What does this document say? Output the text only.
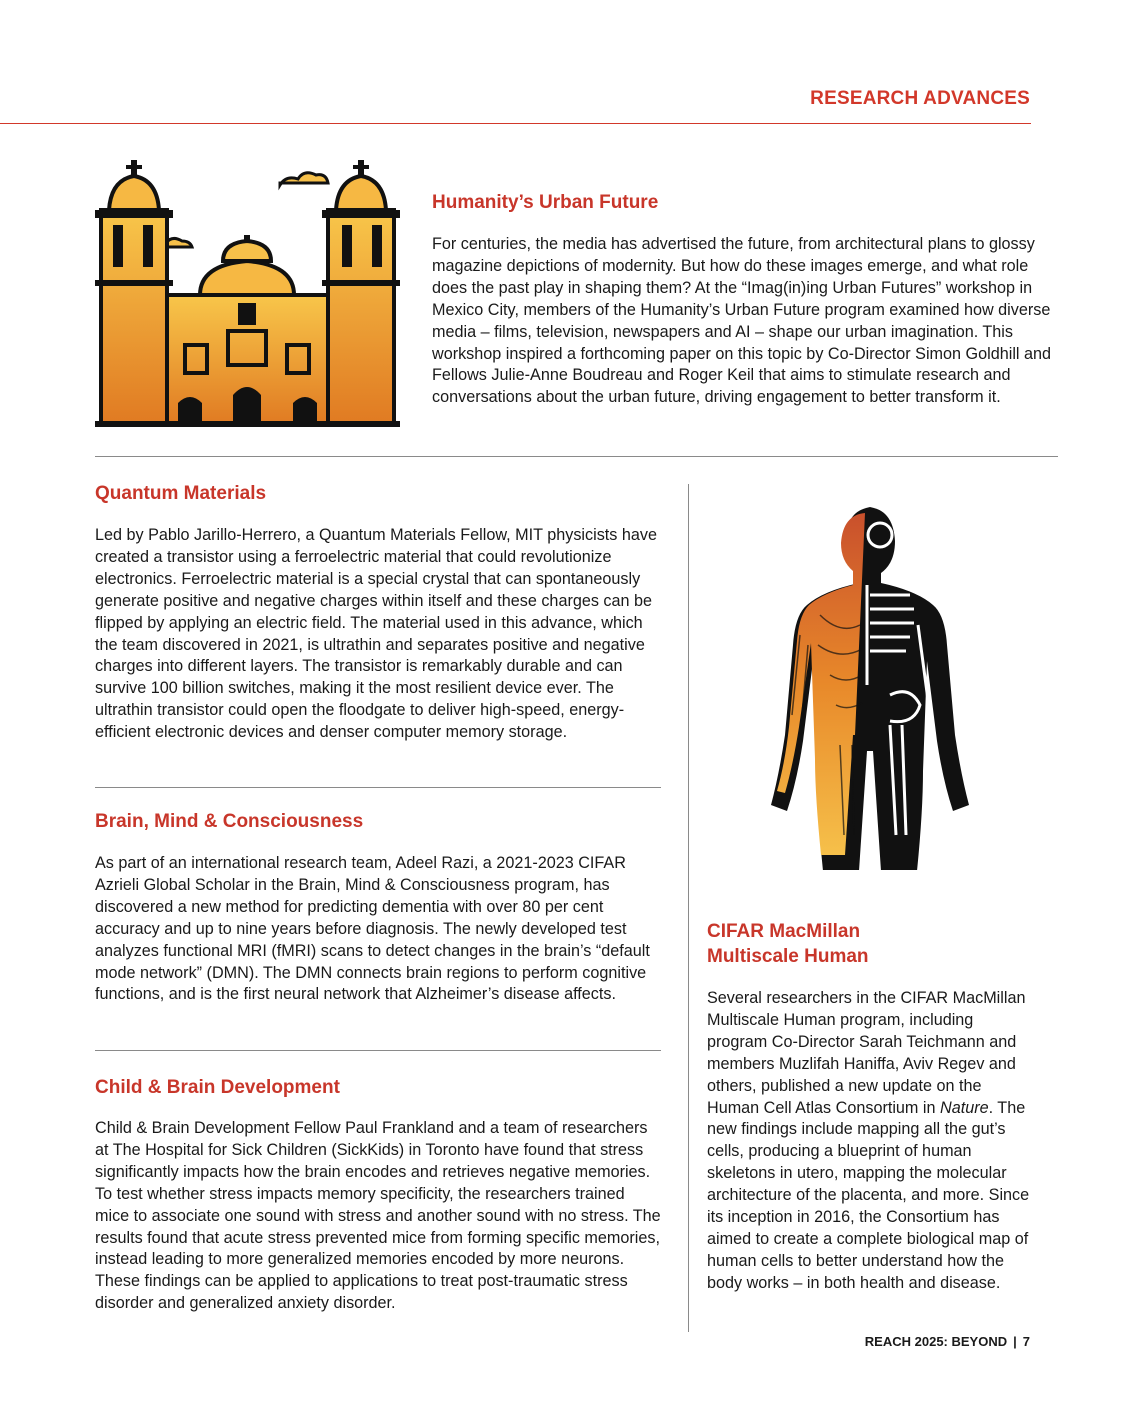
RESEARCH ADVANCES
Humanity’s Urban Future

For centuries, the media has advertised the future, from architectural plans to glossy magazine depictions of modernity. But how do these images emerge, and what role does the past play in shaping them? At the “Imag(in)ing Urban Futures” workshop in Mexico City, members of the Humanity’s Urban Future program examined how diverse media – films, television, newspapers and AI – shape our urban imagination. This workshop inspired a forthcoming paper on this topic by Co-Director Simon Goldhill and Fellows Julie-Anne Boudreau and Roger Keil that aims to stimulate research and conversations about the urban future, driving engagement to better transform it.

Quantum Materials

Led by Pablo Jarillo-Herrero, a Quantum Materials Fellow, MIT physicists have created a transistor using a ferroelectric material that could revolutionize electronics. Ferroelectric material is a special crystal that can spontaneously generate positive and negative charges within itself and these charges can be flipped by applying an electric field. The material used in this advance, which the team discovered in 2021, is ultrathin and separates positive and negative charges into different layers. The transistor is remarkably durable and can survive 100 billion switches, making it the most resilient device ever. The ultrathin transistor could open the floodgate to deliver high-speed, energy-efficient electronic devices and denser computer memory storage.

Brain, Mind & Consciousness

As part of an international research team, Adeel Razi, a 2021-2023 CIFAR Azrieli Global Scholar in the Brain, Mind & Consciousness program, has discovered a new method for predicting dementia with over 80 per cent accuracy and up to nine years before diagnosis. The newly developed test analyzes functional MRI (fMRI) scans to detect changes in the brain’s “default mode network” (DMN). The DMN connects brain regions to perform cognitive functions, and is the first neural network that Alzheimer’s disease affects.

Child & Brain Development

Child & Brain Development Fellow Paul Frankland and a team of researchers at The Hospital for Sick Children (SickKids) in Toronto have found that stress significantly impacts how the brain encodes and retrieves negative memories. To test whether stress impacts memory specificity, the researchers trained mice to associate one sound with stress and another sound with no stress. The results found that acute stress prevented mice from forming specific memories, instead leading to more generalized memories encoded by more neurons. These findings can be applied to applications to treat post-traumatic stress disorder and generalized anxiety disorder.

CIFAR MacMillan
Multiscale Human

Several researchers in the CIFAR MacMillan Multiscale Human program, including program Co-Director Sarah Teichmann and members Muzlifah Haniffa, Aviv Regev and others, published a new update on the Human Cell Atlas Consortium in Nature. The new findings include mapping all the gut’s cells, producing a blueprint of human skeletons in utero, mapping the molecular architecture of the placenta, and more. Since its inception in 2016, the Consortium has aimed to create a complete biological map of human cells to better understand how the body works – in both health and disease.

REACH 2025: BEYOND | 7
